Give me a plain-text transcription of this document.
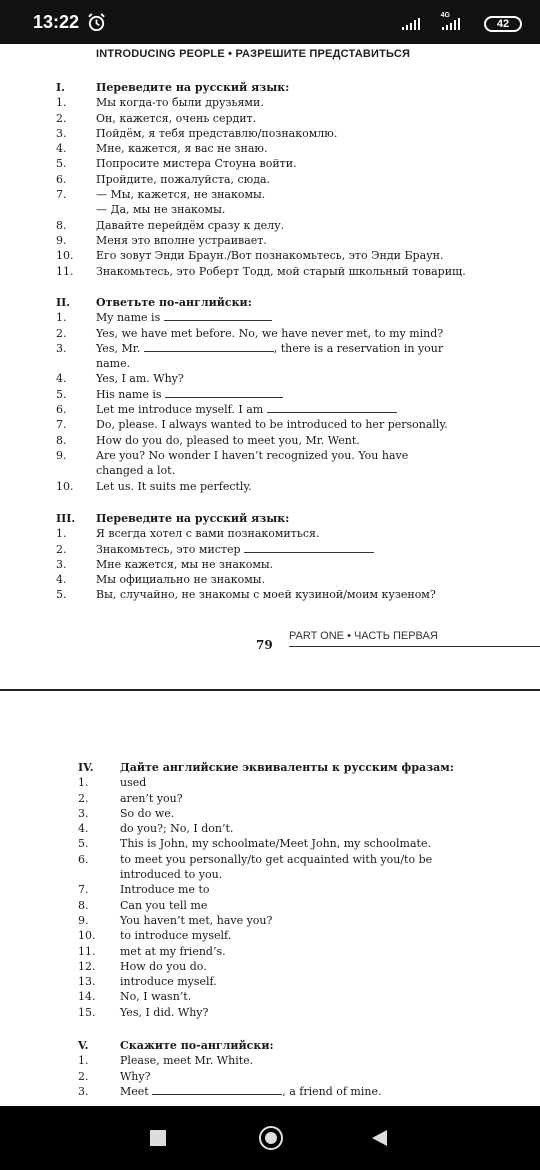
13:22	4G
42
INTRODUCING PEOPLE • РАЗРЕШИТЕ ПРЕДСТАВИТЬСЯ
I.	Переведите на русский язык:
1.	Мы когда-то были друзьями.
2.	Он, кажется, очень сердит.
3.	Пойдём, я тебя представлю/познакомлю.
4.	Мне, кажется, я вас не знаю.
5.	Попросите мистера Стоуна войти.
6.	Пройдите, пожалуйста, сюда.
7.	— Мы, кажется, не знакомы.
— Да, мы не знакомы.
8.	Давайте перейдём сразу к делу.
9.	Меня это вполне устраивает.
10. Его зовут Энди Браун./Вот познакомьтесь, это Энди Браун.
11. Знакомьтесь, это Роберт Тодд, мой старый школьный товарищ.
II. Ответьте по-английски:
1.	My name is
2.	Yes, we have met before. No, we have never met, to my mind?
3.	Yes, Mr.	, there is a reservation in your
name.
4.	Yes, I am. Why?
5.	His name is
6.	Let me introduce myself. I am
7.	Do, please. I always wanted to be introduced to her personally.
8.	How do you do, pleased to meet you, Mr. Went.
9.	Are you? No wonder I haven’t recognized you. You have
changed a lot.
10. Let us. It suits me perfectly.
III. Переведите на русский язык:
1.	Я всегда хотел с вами познакомиться.
2.	Знакомьтесь, это мистер
3.	Мне кажется, мы не знакомы.
4.	Мы официально не знакомы.
5.	Вы, случайно, не знакомы с моей кузиной/моим кузеном?
PART ONE • ЧАСТЬ ПЕРВАЯ
79
IV. Дайте английские эквиваленты к русским фразам:
1.	used
2.	aren’t you?
3.	So do we.
4.	do you?; No, I don’t.
5.	This is John, my schoolmate/Meet John, my schoolmate.
6.	to meet you personally/to get acquainted with you/to be
introduced to you.
7.	Introduce me to
8.	Can you tell me
9.	You haven’t met, have you?
10. to introduce myself.
11. met at my friend’s.
12. How do you do.
13. introduce myself.
14. No, I wasn’t.
15. Yes, I did. Why?
V.	Скажите по-английски:
1.	Please, meet Mr. White.
2.	Why?
3.	Meet	, a friend of mine.
